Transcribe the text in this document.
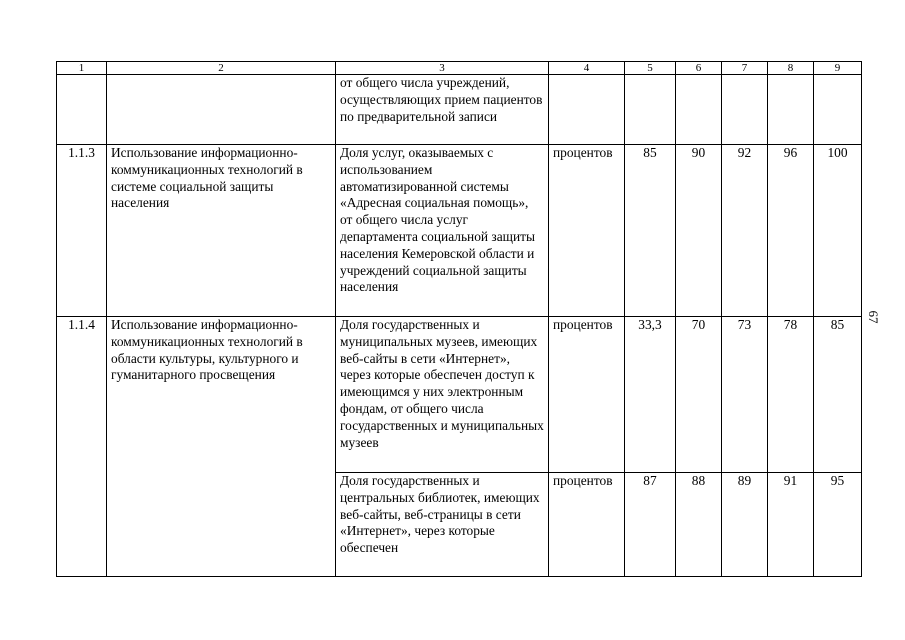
1	2	3	4	5	6	7	8	9
		от общего числа учреждений, осуществляющих прием пациентов по предварительной записи						
1.1.3	Использование информационно-коммуникационных технологий в системе социальной защиты населения	Доля услуг, оказываемых с использованием автоматизированной системы «Адресная социальная помощь», от общего числа услуг департамента социальной защиты населения Кемеровской области и учреждений социальной защиты населения	процентов	85	90	92	96	100
1.1.4	Использование информационно-коммуникационных технологий в области культуры, культурного и гуманитарного просвещения	Доля государственных и муниципальных музеев, имеющих веб-сайты в сети «Интернет», через которые обеспечен доступ к имеющимся у них электронным фондам, от общего числа государственных и муниципальных музеев	процентов	33,3	70	73	78	85
		Доля государственных и центральных библиотек, имеющих веб-сайты, веб-страницы в сети «Интернет», через которые обеспечен	процентов	87	88	89	91	95
67
